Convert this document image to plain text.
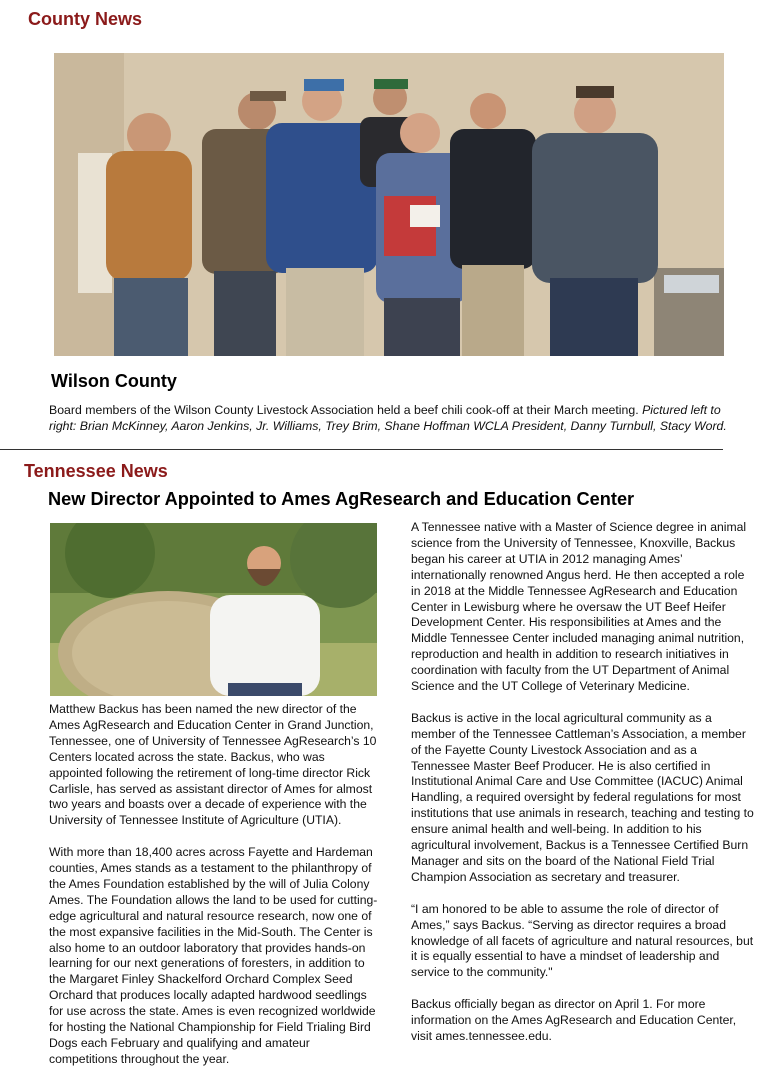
County News
Wilson County
Board members of the Wilson County Livestock Association held a beef chili cook-off at their March meeting. Pictured left to right: Brian McKinney, Aaron Jenkins, Jr. Williams, Trey Brim, Shane Hoffman WCLA President, Danny Turnbull, Stacy Word.
Tennessee News
New Director Appointed to Ames AgResearch and Education Center

Matthew Backus has been named the new director of the Ames AgResearch and Education Center in Grand Junction, Tennessee, one of University of Tennessee AgResearch’s 10 Centers located across the state. Backus, who was appointed following the retirement of long-time director Rick Carlisle, has served as assistant director of Ames for almost two years and boasts over a decade of experience with the University of Tennessee Institute of Agriculture (UTIA).

With more than 18,400 acres across Fayette and Hardeman counties, Ames stands as a testament to the philanthropy of the Ames Foundation established by the will of Julia Colony Ames. The Foundation allows the land to be used for cutting-edge agricultural and natural resource research, now one of the most expansive facilities in the Mid-South. The Center is also home to an outdoor laboratory that provides hands-on learning for our next generations of foresters, in addition to the Margaret Finley Shackelford Orchard Complex Seed Orchard that produces locally adapted hardwood seedlings for use across the state. Ames is even recognized worldwide for hosting the National Championship for Field Trialing Bird Dogs each February and qualifying and amateur competitions throughout the year.

A Tennessee native with a Master of Science degree in animal science from the University of Tennessee, Knoxville, Backus began his career at UTIA in 2012 managing Ames’ internationally renowned Angus herd. He then accepted a role in 2018 at the Middle Tennessee AgResearch and Education Center in Lewisburg where he oversaw the UT Beef Heifer Development Center. His responsibilities at Ames and the Middle Tennessee Center included managing animal nutrition, reproduction and health in addition to research initiatives in coordination with faculty from the UT Department of Animal Science and the UT College of Veterinary Medicine.

Backus is active in the local agricultural community as a member of the Tennessee Cattleman’s Association, a member of the Fayette County Livestock Association and as a Tennessee Master Beef Producer. He is also certified in Institutional Animal Care and Use Committee (IACUC) Animal Handling, a required oversight by federal regulations for most institutions that use animals in research, teaching and testing to ensure animal health and well-being. In addition to his agricultural involvement, Backus is a Tennessee Certified Burn Manager and sits on the board of the National Field Trial Champion Association as secretary and treasurer.

“I am honored to be able to assume the role of director of Ames,” says Backus. “Serving as director requires a broad knowledge of all facets of agriculture and natural resources, but it is equally essential to have a mindset of leadership and service to the community."

Backus officially began as director on April 1. For more information on the Ames AgResearch and Education Center, visit ames.tennessee.edu.
